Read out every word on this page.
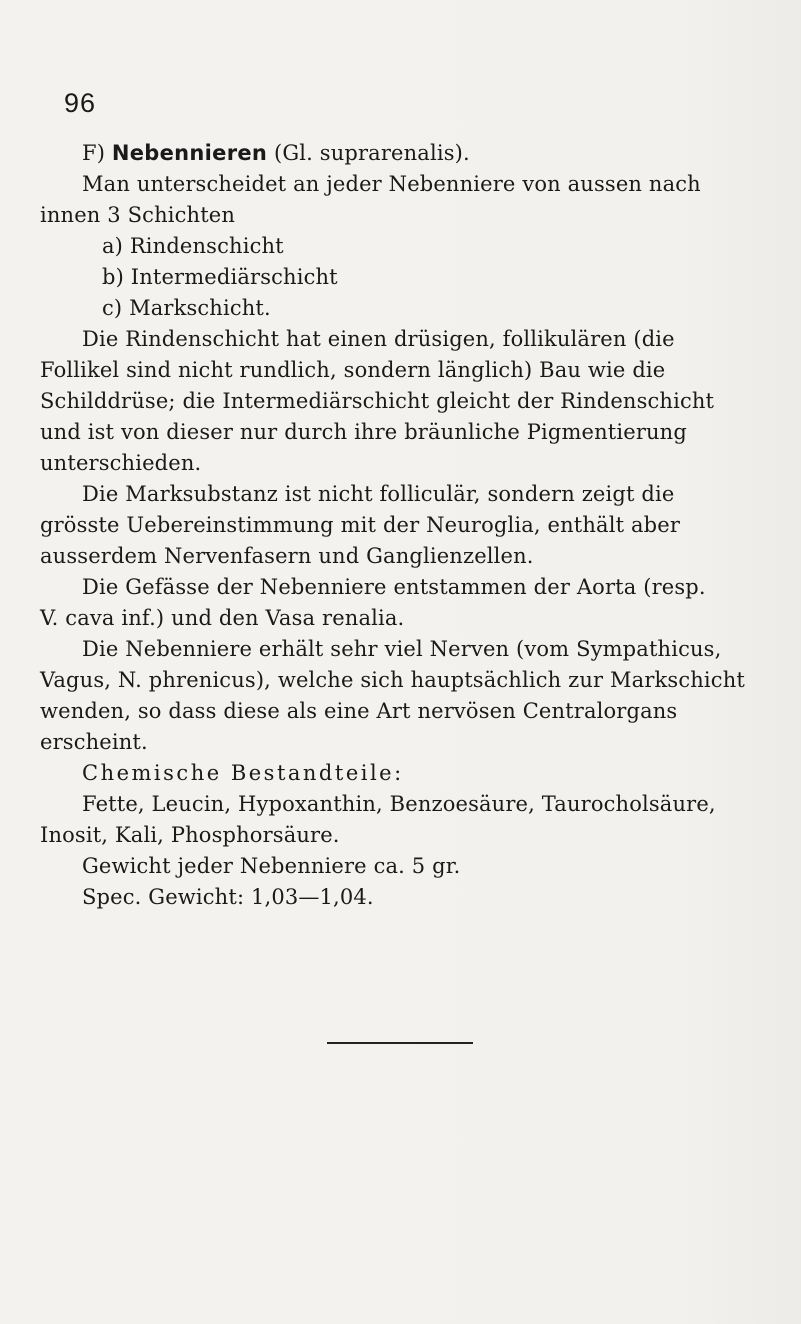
96
F) Nebennieren (Gl. suprarenalis).
Man unterscheidet an jeder Nebenniere von aussen nach
innen 3 Schichten
a) Rindenschicht
b) Intermediärschicht
c) Markschicht.
Die Rindenschicht hat einen drüsigen, follikulären (die
Follikel sind nicht rundlich, sondern länglich) Bau wie die
Schilddrüse; die Intermediärschicht gleicht der Rindenschicht
und ist von dieser nur durch ihre bräunliche Pigmentierung
unterschieden.
Die Marksubstanz ist nicht folliculär, sondern zeigt die
grösste Uebereinstimmung mit der Neuroglia, enthält aber
ausserdem Nervenfasern und Ganglienzellen.
Die Gefässe der Nebenniere entstammen der Aorta (resp.
V. cava inf.) und den Vasa renalia.
Die Nebenniere erhält sehr viel Nerven (vom Sympathicus,
Vagus, N. phrenicus), welche sich hauptsächlich zur Markschicht
wenden, so dass diese als eine Art nervösen Centralorgans
erscheint.
Chemische Bestandteile:
Fette, Leucin, Hypoxanthin, Benzoesäure, Taurocholsäure,
Inosit, Kali, Phosphorsäure.
Gewicht jeder Nebenniere ca. 5 gr.
Spec. Gewicht: 1,03—1,04.
